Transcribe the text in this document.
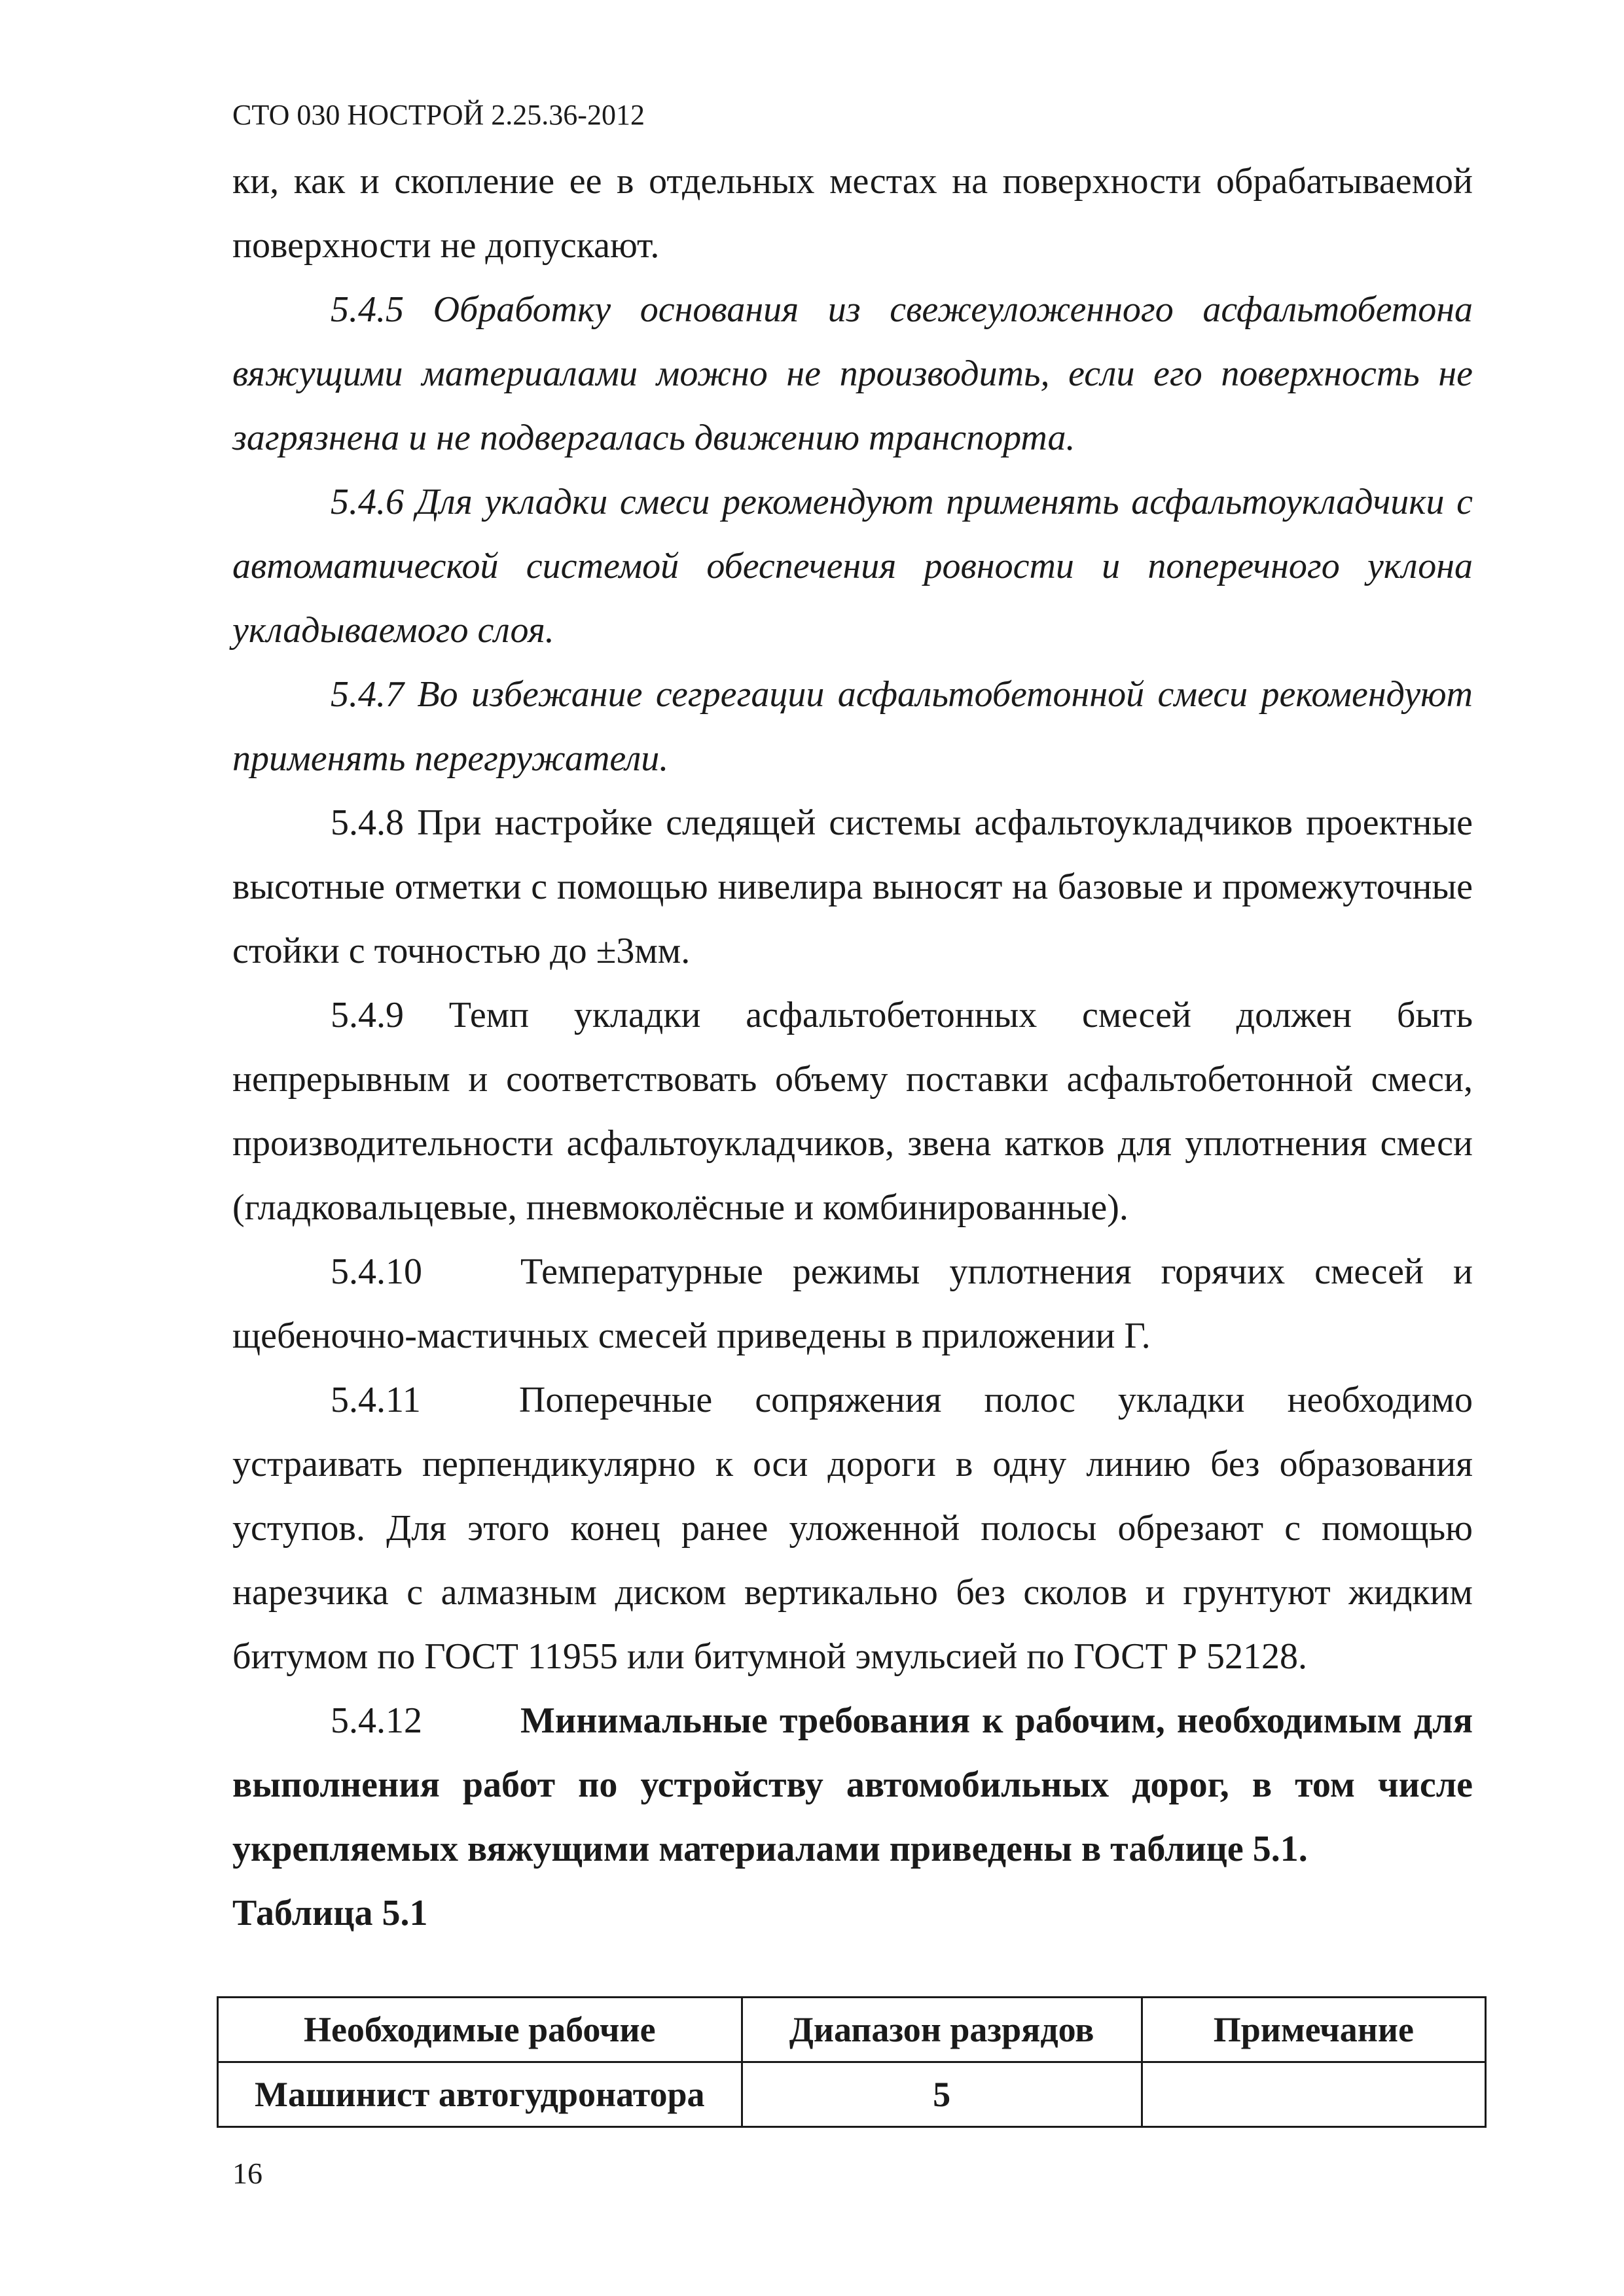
СТО 030 НОСТРОЙ 2.25.36-2012

ки, как и скопление ее в отдельных местах на поверхности обрабатываемой поверхности не допускают.

5.4.5 Обработку основания из свежеуложенного асфальтобетона вяжущими материалами можно не производить, если его поверхность не загрязнена и не подвергалась движению транспорта.

5.4.6 Для укладки смеси рекомендуют применять асфальтоукладчики с автоматической системой обеспечения ровности и поперечного уклона укладываемого слоя.

5.4.7 Во избежание сегрегации асфальтобетонной смеси рекомендуют применять перегружатели.

5.4.8 При настройке следящей системы асфальтоукладчиков проектные высотные отметки с помощью нивелира выносят на базовые и промежуточные стойки с точностью до ±3мм.

5.4.9 Темп укладки асфальтобетонных смесей должен быть непрерывным и соответствовать объему поставки асфальтобетонной смеси, производительности асфальтоукладчиков, звена катков для уплотнения смеси (гладковальцевые, пневмоколёсные и комбинированные).

5.4.10	Температурные режимы уплотнения горячих смесей и щебеночно-мастичных смесей приведены в приложении Г.

5.4.11	Поперечные сопряжения полос укладки необходимо устраивать перпендикулярно к оси дороги в одну линию без образования уступов. Для этого конец ранее уложенной полосы обрезают с помощью нарезчика с алмазным диском вертикально без сколов и грунтуют жидким битумом по ГОСТ 11955 или битумной эмульсией по ГОСТ Р 52128.

5.4.12	Минимальные требования к рабочим, необходимым для выполнения работ по устройству автомобильных дорог, в том числе укрепляемых вяжущими материалами приведены в таблице 5.1.

Таблица 5.1

Необходимые рабочие	Диапазон разрядов	Примечание
Машинист автогудронатора	5	
16
